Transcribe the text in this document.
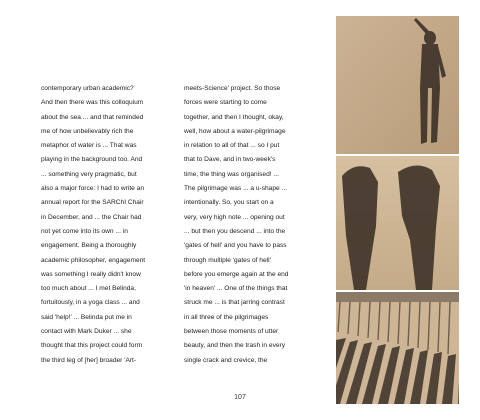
contemporary urban academic?
And then there was this colloquium
about the sea ... and that reminded
me of how unbelievably rich the
metaphor of water is ... That was
playing in the background too. And
... something very pragmatic, but
also a major force: I had to write an
annual report for the SARChI Chair
in December, and ... the Chair had
not yet come into its own ... in
engagement. Being a thoroughly
academic philosopher, engagement
was something I really didn't know
too much about ... I met Belinda,
fortuitously, in a yoga class ... and
said 'help!' ... Belinda put me in
contact with Mark Duker ... she
thought that this project could form
the third leg of [her] broader 'Art-
meets-Science' project. So those
forces were starting to come
together, and then I thought, okay,
well, how about a water-pilgrimage
in relation to all of that ... so I put
that to Dave, and in two-week's
time, the thing was organised! ...
The pilgrimage was ... a u-shape ...
intentionally. So, you start on a
very, very high note ... opening out
... but then you descend ... into the
'gates of hell' and you have to pass
through multiple 'gates of hell'
before you emerge again at the end
'in heaven' ... One of the things that
struck me ... is that jarring contrast
in all three of the pilgrimages
between those moments of utter
beauty, and then the trash in every
single crack and crevice, the
107
